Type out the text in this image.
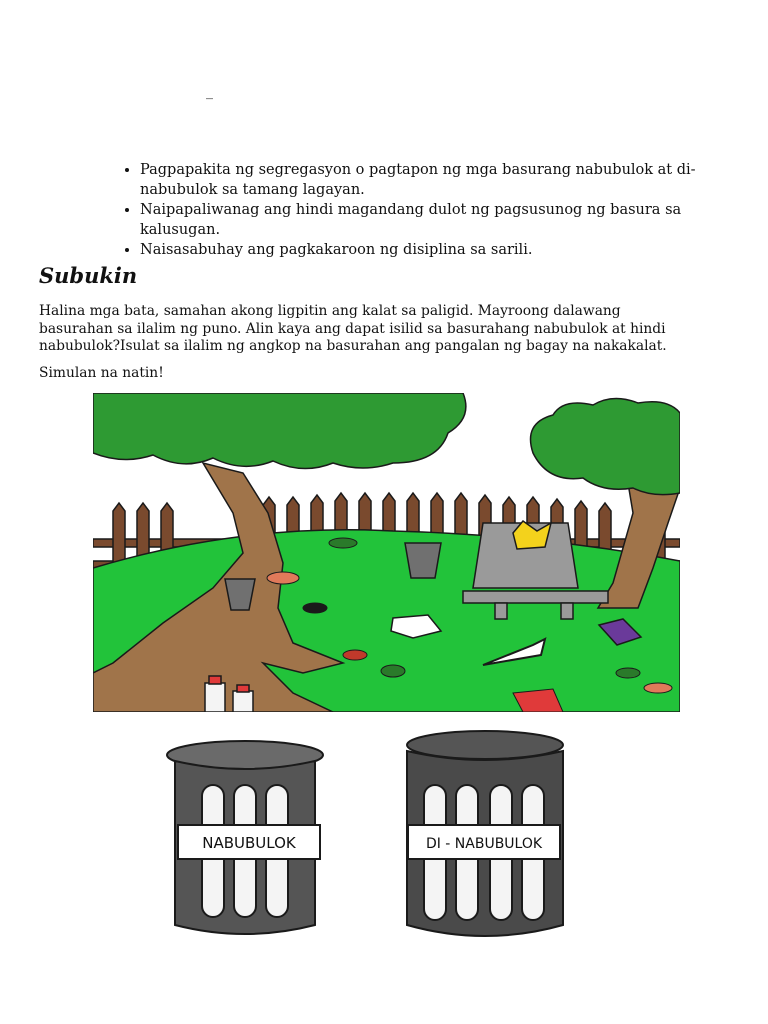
_
• Pagpapakita ng segregasyon o pagtapon ng mga basurang nabubulok at di-nabubulok sa tamang lagayan.
• Naipapaliwanag ang hindi magandang dulot ng pagsusunog ng basura sa kalusugan.
• Naisasabuhay ang pagkakaroon ng disiplina sa sarili.
Subukin

Halina mga bata, samahan akong ligpitin ang kalat sa paligid. Mayroong dalawang basurahan sa ilalim ng puno. Alin kaya ang dapat isilid sa basurahang nabubulok at hindi nabubulok?Isulat sa ilalim ng angkop na basurahan ang pangalan ng bagay na nakakalat.

Simulan na natin!

NABUBULOK	DI - NABUBULOK
